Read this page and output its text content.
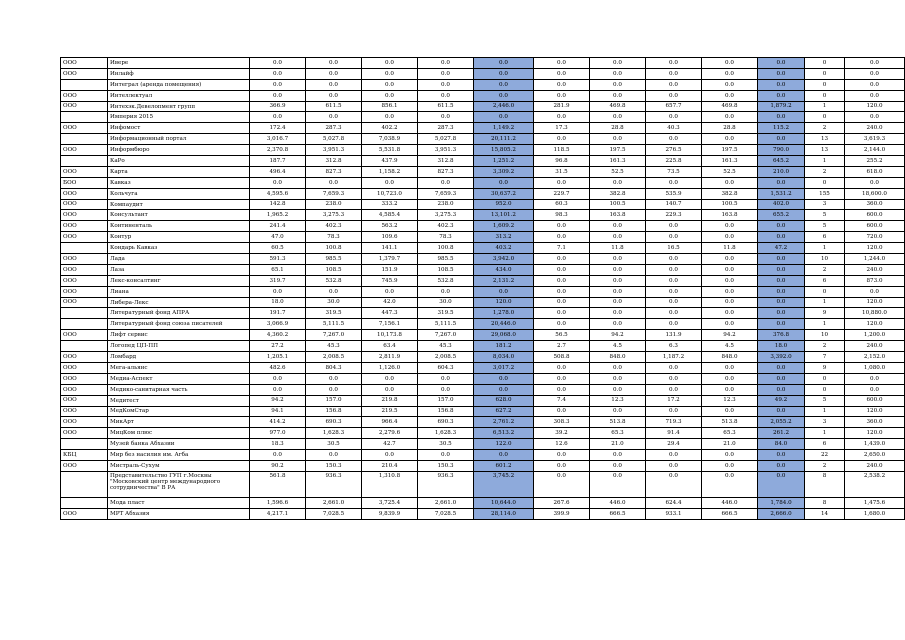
ООО	Ивере	0.0	0.0	0.0	0.0	0.0	0.0	0.0	0.0	0.0	0.0	0	0.0
ООО	Инлайф	0.0	0.0	0.0	0.0	0.0	0.0	0.0	0.0	0.0	0.0	0	0.0
	Интеграл (аренда помещения)	0.0	0.0	0.0	0.0	0.0	0.0	0.0	0.0	0.0	0.0	0	0.0
ООО	Интеллектуал	0.0	0.0	0.0	0.0	0.0	0.0	0.0	0.0	0.0	0.0	0	0.0
ООО	Интехэк.Девелопмент групп	366.9	611.5	856.1	611.5	2,446.0	281.9	469.8	657.7	469.8	1,879.2	1	120.0
	Империя 2015	0.0	0.0	0.0	0.0	0.0	0.0	0.0	0.0	0.0	0.0	0	0.0
ООО	Инфомост	172.4	287.3	402.2	287.3	1,149.2	17.3	28.8	40.3	28.8	115.2	2	240.0
	Информационный портал	3,016.7	5,027.8	7,038.9	5,027.8	20,111.2	0.0	0.0	0.0	0.0	0.0	13	3,619.3
ООО	Информбюро	2,370.8	3,951.3	5,531.8	3,951.3	15,805.2	118.5	197.5	276.5	197.5	790.0	13	2,144.0
	КаРо	187.7	312.8	437.9	312.8	1,251.2	96.8	161.3	225.8	161.3	645.2	1	255.2
ООО	Карта	496.4	827.3	1,158.2	827.3	3,309.2	31.5	52.5	73.5	52.5	210.0	2	618.0
БОО	Кавказ	0.0	0.0	0.0	0.0	0.0	0.0	0.0	0.0	0.0	0.0	0	0.0
ООО	Кольчуга	4,595.6	7,659.3	10,723.0	7,659.3	30,637.2	229.7	382.8	535.9	382.8	1,531.2	155	18,600.0
ООО	Компаудит	142.8	238.0	333.2	238.0	952.0	60.3	100.5	140.7	100.5	402.0	3	360.0
ООО	Консультант	1,965.2	3,275.3	4,585.4	3,275.3	13,101.2	98.3	163.8	229.3	163.8	655.2	5	600.0
ООО	Континенталь	241.4	402.3	563.2	402.3	1,609.2	0.0	0.0	0.0	0.0	0.0	5	600.0
ООО	Контур	47.0	78.3	109.6	78.3	313.2	0.0	0.0	0.0	0.0	0.0	6	720.0
	Кондарь Кавказ	60.5	100.8	141.1	100.8	403.2	7.1	11.8	16.5	11.8	47.2	1	120.0
ООО	Лада	591.3	985.5	1,379.7	985.5	3,942.0	0.0	0.0	0.0	0.0	0.0	10	1,244.0
ООО	Лаза	65.1	108.5	151.9	108.5	434.0	0.0	0.0	0.0	0.0	0.0	2	240.0
ООО	Лекс-консалтинг	319.7	532.8	745.9	532.8	2,131.2	0.0	0.0	0.0	0.0	0.0	6	873.0
ООО	Лиана	0.0	0.0	0.0	0.0	0.0	0.0	0.0	0.0	0.0	0.0	0	0.0
ООО	Либера-Лекс	18.0	30.0	42.0	30.0	120.0	0.0	0.0	0.0	0.0	0.0	1	120.0
	Литературный фонд АПРА	191.7	319.5	447.3	319.5	1,278.0	0.0	0.0	0.0	0.0	0.0	9	10,880.0
	Литературный фонд союза писателей	3,066.9	5,111.5	7,156.1	5,111.5	20,446.0	0.0	0.0	0.0	0.0	0.0	1	120.0
ООО	Лифт сервис	4,360.2	7,267.0	10,173.8	7,267.0	29,068.0	56.5	94.2	131.9	94.2	376.8	10	1,200.0
	Логопед ЦП-ПП	27.2	45.3	63.4	45.3	181.2	2.7	4.5	6.3	4.5	18.0	2	240.0
ООО	Ломбард	1,205.1	2,008.5	2,811.9	2,008.5	8,034.0	508.8	848.0	1,187.2	848.0	3,392.0	7	2,152.0
ООО	Мега-альянс	482.6	804.3	1,126.0	604.3	3,017.2	0.0	0.0	0.0	0.0	0.0	9	1,080.0
ООО	Медиа-Аспект	0.0	0.0	0.0	0.0	0.0	0.0	0.0	0.0	0.0	0.0	0	0.0
ООО	Медико-санитарная часть	0.0	0.0	0.0	0.0	0.0	0.0	0.0	0.0	0.0	0.0	0	0.0
ООО	Медитест	94.2	157.0	219.8	157.0	628.0	7.4	12.3	17.2	12.3	49.2	5	600.0
ООО	МедКомСтар	94.1	156.8	219.5	156.8	627.2	0.0	0.0	0.0	0.0	0.0	1	120.0
ООО	МикАрт	414.2	690.3	966.4	690.3	2,761.2	308.3	513.8	719.3	513.8	2,055.2	3	360.0
ООО	МицКом плюс	977.0	1,628.3	2,279.6	1,628.3	6,513.2	39.2	65.3	91.4	65.3	261.2	1	120.0
	Музей банка Абхазии	18.3	30.5	42.7	30.5	122.0	12.6	21.0	29.4	21.0	84.0	6	1,439.0
КБЦ	Мир без насилия им. Агба	0.0	0.0	0.0	0.0	0.0	0.0	0.0	0.0	0.0	0.0	22	2,650.0
ООО	Мистраль-Сухум	90.2	150.3	210.4	150.3	601.2	0.0	0.0	0.0	0.0	0.0	2	240.0
	Представительство ГУП г.Москвы "Московский центр международного сотрудничества" В РА	561.8	936.3	1,310.8	936.3	3,745.2	0.0	0.0	0.0	0.0	0.0	8	2,538.2
	Мода пласт	1,596.6	2,661.0	3,725.4	2,661.0	10,644.0	267.6	446.0	624.4	446.0	1,784.0	8	1,475.6
ООО	МРТ Абхазия	4,217.1	7,028.5	9,839.9	7,028.5	28,114.0	399.9	666.5	933.1	666.5	2,666.0	14	1,680.0
